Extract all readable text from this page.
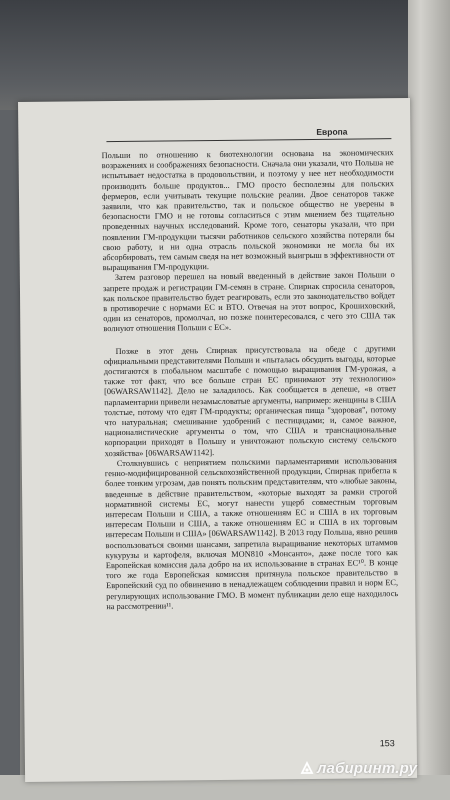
Европа

Польши по отношению к биотехнологии основана на экономических возражениях и соображениях безопасности. Сначала они указали, что Польша не испытывает недостатка в продовольствии, и поэтому у нее нет необходимости производить больше продуктов... ГМО просто бесполезны для польских фермеров, если учитывать текущие польские реалии. Двое сенаторов также заявили, что как правительство, так и польское общество не уверены в безопасности ГМО и не готовы согласиться с этим мнением без тщательно проведенных научных исследований. Кроме того, сенаторы указали, что при появлении ГМ-продукции тысячи работников сельского хозяйства потеряли бы свою работу, и ни одна отрасль польской экономики не могла бы их абсорбировать, тем самым сведя на нет возможный выигрыш в эффективности от выращивания ГМ-продукции.

Затем разговор перешел на новый введенный в действие закон Польши о запрете продаж и регистрации ГМ-семян в стране. Спирнак спросила сенаторов, как польское правительство будет реагировать, если это законодательство войдет в противоречие с нормами ЕС и ВТО. Отвечая на этот вопрос, Крошиховский, один из сенаторов, промолчал, но позже поинтересовался, с чего это США так волнуют отношения Польши с ЕС».

Позже в этот день Спирнак присутствовала на обеде с другими официальными представителями Польши и «пыталась обсудить выгоды, которые достигаются в глобальном масштабе с помощью выращивания ГМ-урожая, а также тот факт, что все больше стран ЕС принимают эту технологию» [06WARSAW1142]. Дело не заладилось. Как сообщается в депеше, «в ответ парламентарии привели незамысловатые аргументы, например: женщины в США толстые, потому что едят ГМ-продукты; органическая пища "здоровая", потому что натуральная; смешивание удобрений с пестицидами; и, самое важное, националистические аргументы о том, что США и транснациональные корпорации приходят в Польшу и уничтожают польскую систему сельского хозяйства» [06WARSAW1142].

Столкнувшись с неприятием польскими парламентариями использования генно-модифицированной сельскохозяйственной продукции, Спирнак прибегла к более тонким угрозам, дав понять польским представителям, что «любые законы, введенные в действие правительством, «которые выходят за рамки строгой нормативной системы ЕС, могут нанести ущерб совместным торговым интересам Польши и США, а также отношениям ЕС и США в их торговым интересам Польши и США, а также отношениям ЕС и США в их торговым интересам Польши и США» [06WARSAW1142]. В 2013 году Польша, явно решив воспользоваться своими шансами, запретила выращивание некоторых штаммов кукурузы и картофеля, включая MON810 «Монсанто», даже после того как Европейская комиссия дала добро на их использование в странах ЕС¹⁰. В конце того же года Европейская комиссия притянула польское правительство в Европейский суд по обвинению в ненадлежащем соблюдении правил и норм ЕС, регулирующих использование ГМО. В момент публикации дело еще находилось на рассмотрении¹¹.

153
лабиринт.ру
